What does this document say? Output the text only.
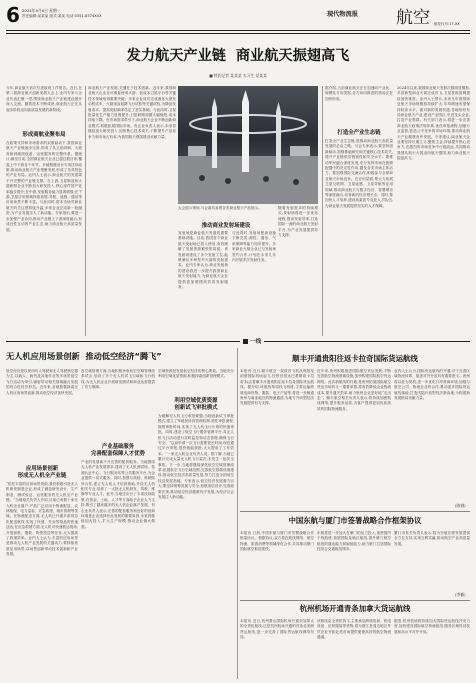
6 2024年9月6日 星期一
责任编辑:某某某 版式:某某 电话:0351-8374XXX	现代物流报 航空 邮发代号:17-XX
发力航天产业链  商业航天振翅高飞
■ 特约记者 某某某 实习生 某某某
今年,商业航天首次写进政府工作报告。近日,在第二届商业航天创新发展大会上,业内专家与企业代表汇聚一堂,围绕商业航天产业链建设展开深入交流。随着技术不断成熟,商业航天正在从起步阶段迈向高质量发展的新阶段。
形成商航业聚布局
在政策支持和市场需求的双重驱动下,我国商业航天产业链逐步完善,形成了从卫星研制、火箭发射到地面设备、运营服务的完整体系。据统计,截至目前,全国商业航天企业已超过数百家,覆盖上中下游各个环节。多地相继出台专项扶持政策,推动商业航天产业集聚发展,形成了各具特色的产业布局。业内人士表示,商业航天的发展离不开完整的产业链支撑。在上游,卫星制造和火箭研制企业不断加大研发投入,核心部件国产化率稳步提升;在中游,发射服务能力显著增强;在下游,卫星应用领域持续拓展,导航、遥感、通信等应用场景不断丰富。与此同时,资本市场对商业航天的关注度持续升温,多家企业完成新一轮融资,为产业发展注入了新动能。专家指出,要进一步加强产业协同,推动产业链上下游深度融合,形成良性互动的产业生态,助力商业航天高质量发展。
商业航天产业发展,关键在于技术创新。近年来,我国商业航天企业在可重复使用火箭、低成本卫星平台等关键技术领域取得重要突破。多家企业成功完成液体火箭发动机试车、火箭垂直起降飞行试验等关键试验,为降低发射成本、提高发射频率奠定了坚实基础。与此同时,卫星批量化生产能力显著提升,卫星研制周期大幅缩短,成本持续下降。在市场需求牵引下,商业航天企业不断创新商业模式,积极拓展国际市场。有企业负责人表示,未来将继续加大研发投入,加快核心技术攻关,不断提升产品竞争力和市场占有率,为我国航天强国建设贡献力量。
大会展示现场,与会嘉宾参观各类商业航天产品展示。
推动商业发射场建设
发射场是商业航天发展的重要基础设施。目前,我国首个商业航天发射场已投入使用,有效缓解了发射资源紧张的局面。该发射场建设了多个发射工位,能够满足多种型号火箭的发射需求。业内专家认为,商业发射场的建设将进一步提升我国商业航天发射能力,为商业航天企业提供更加便捷高效的发射服务。
与此同时,发射场配套设施不断完善,测控、通信、气象保障等能力同步提升。多家商业火箭企业已与发射场签约合作,计划在未来几年内开展多次发射任务。
随着发射需求的持续增长,发射场将进一步优化流程,提高发射效率,打造国际一流的商业航天发射平台,为产业发展提供有力支撑。
据介绍,当前商业航天正在加速向产业化、规模化方向发展,各方协同推进的格局正在加快形成。
打造全产业生态链
打造全产业生态链,是推动商业航天高质量发展的必由之路。与会专家表示,要坚持创新驱动,加强基础研究和关键核心技术攻关,提升产业链供应链韧性和安全水平。要推动军民融合深度发展,充分发挥市场在资源配置中的决定性作用,激发各类市场主体活力。要加强国际交流合作,积极参与全球商业航天市场竞争。在应用层面,要大力拓展卫星互联网、卫星遥感、卫星导航等应用领域,推动商业航天与数字经济、智慧城市等深度融合,培育新的经济增长点。同时,要加快人才培养,建设高素质专业化人才队伍,为商业航天发展提供坚实的人才保障。
2024年以来,我国商业航天发射次数明显增加,多款新型商业火箭完成首飞,卫星星座组网建设加快推进。业内人士预计,未来几年我国商业航天市场规模将持续扩大,年均增速有望保持较高水平。面对新的发展机遇,各地纷纷布局商业航天产业,建设产业园区,引进龙头企业,打造产业集群。有关部门表示,将进一步完善商业航天政策法规体系,优化审批流程,加强行业监管,营造公平竞争的市场环境,推动商业航天产业健康有序发展。专家建议,商业航天企业要坚持长期主义,聚焦主业,持续提升核心竞争力,在激烈的市场竞争中行稳致远,共同推动我国从航天大国迈向航天强国,助力商业航天振翅高飞。
一线
无人机应用场景创新  推动低空经济“腾飞”
低空经济是以民用有人驾驶和无人驾驶航空器为主,以载人、载货及其他作业等多场景低空飞行活动为牵引,辐射带动相关领域融合发展的综合性经济形态。近年来,各地积极探索无人机应用场景创新,推动低空经济加快发展。
应用场景创新
形成无人机全产业链
“依托丰富的应用场景资源,我们积极引进无人机研发制造企业,形成了涵盖研发设计、生产制造、测试验证、运营服务的无人机全产业链。”当地相关负责人介绍,目前已有数十家无人机企业落户,产品广泛应用于物流配送、农林植保、电力巡检、应急救援、城市管理等领域。在物流配送方面,无人机已开通多条常态化配送航线,实现了快递、外卖等物品的快速送达;在应急救援方面,无人机可快速抵达现场,开展侦察、搜救、物资投送等任务,大大提高了救援效率。业内人士认为,丰富的应用场景是推动无人机产业发展的关键动力,要持续拓展应用场景,以场景创新带动技术创新和产业发展。
在空域管理方面,当地积极争取低空空域管理改革试点,划设了多个无人机试飞空域和飞行航线,为无人机企业开展研发测试和商业运营提供了有力保障。
产业基础服务
完善配套保障人才优势
产业的发展离不开完善的配套服务。当地围绕无人机产业发展需求,建设了无人机测试场、检测认证中心、飞行服务站等公共服务平台,为企业提供一站式服务。同时,加强与高校、科研院所合作,建立无人机人才培养基地,开设无人机相关专业,培养了一大批无人机研发、驾驶、维修等专业人才。此外,当地还出台了专项扶持政策,在资金、土地、人才等方面给予企业大力支持,吸引了越来越多的无人机企业落户发展。有企业负责人表示,完善的配套服务和良好的营商环境是企业选择在此发展的重要原因,未来将继续加大投入,扩大生产规模,推动企业做大做强。
空域资源是发展低空经济的核心要素。当地充分利用空域优质资源,积极探索创新管理模式。
利用空域优质资源
创新试飞审批模式
为破解无人机飞行审批难题,当地创新试飞审批模式,建立了军地民协同管理机制,简化审批流程,缩短审批时间,实现了无人机飞行计划的快速审批。同时,建设了低空飞行服务管理平台,对无人机飞行活动进行实时监控和动态管理,确保飞行安全。“以前申请一次飞行需要很长时间,现在通过平台申报,很快就能获批,大大提高了工作效率。”一家无人机企业负责人说。据了解,当地已累计完成大量无人机飞行架次,未发生一起安全事故。下一步,当地将继续深化低空空域管理改革,拓展低空飞行空域范围,完善低空基础设施建设,推动低空经济高质量发展,努力打造全国低空经济发展高地。专家表示,低空经济发展潜力巨大,要坚持统筹发展与安全,加强顶层设计,完善政策法规,推动低空经济健康有序发展,为经济社会发展注入新动能。
顺丰开通贵阳往返卡拉奇国际货运航线
本报讯 近日,顺丰航空一架波音飞机从贵阳龙洞堡国际机场起飞,经停后抵达巴基斯坦卡拉奇,标志着顺丰开通贵阳往返卡拉奇国际货运航线。据介绍,该航线每周执飞两班,主要运输跨境电商货物、服装、电子产品等,将进一步畅通贵州与南亚地区的物流通道,为地方外向型经济发展提供有力支撑。
近年来,贵州积极推进国际航空货运发展,不断完善航空物流基础设施,加快构建国际航空货运网络。此次新航线的开通,是贵州拓展国际航空货运市场的又一重要举措,将有效降低企业物流成本,提升通关效率,助力贵州企业更好地“走出去”。顺丰航空相关负责人表示,将持续加密航线网络,提升服务品质,为客户提供更加优质高效的国际物流服务。
业内人士认为,国际货运航线的开通,对于完善区域物流体系、促进对外开放具有重要意义。贵州将以此为契机,进一步优化口岸营商环境,加强与航空公司、物流企业的合作,推动更多国际货运航线落地,打造内陆开放型经济新高地,为构建新发展格局贡献力量。
(陈钢)
中国东航与厦门市签署战略合作框架协议
本报讯 日前,中国东航与厦门市签署战略合作框架协议。根据协议,双方将在航线网络、航空物流、旅游消费等领域深化合作,共同推动厦门国际航空枢纽建设。
东航将进一步加大在厦门的运力投入,加密国内干线航班,拓展国际及地区航线,提升厦门航空枢纽的通达能力和辐射能力,助力厦门打造国际性综合交通枢纽城市。
厦门市有关负责人表示,将为东航在厦发展提供全方位支持,实现互利共赢,推动航空产业高质量发展。
(李楠)
杭州机场开通青条加拿大货运航线
本报讯 近日,杭州萧山国际机场开通至加拿大的全货机航线,这是杭州机场开通的首条北美洲货运航线,进一步完善了国际货运航线网络布局。
该航线由全货机执飞,主要承运跨境电商、机电设备、纺织服装等货物,将为浙江及周边地区外贸企业开拓北美市场提供便捷高效的航空物流通道。
据悉,杭州机场将持续加大国际货运航线开发力度,加快建设国际航空物流枢纽,服务区域经济发展和高水平对外开放。
